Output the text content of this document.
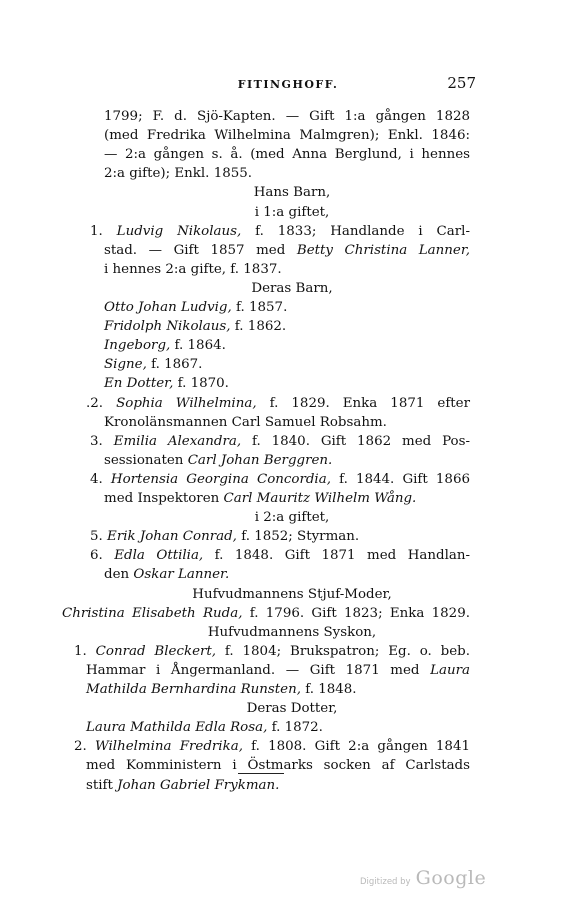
FITINGHOFF.	257
1799; F. d. Sjö-Kapten. — Gift 1:a gången 1828
(med Fredrika Wilhelmina Malmgren); Enkl. 1846:
— 2:a gången s. å. (med Anna Berglund, i hennes
2:a gifte); Enkl. 1855.
Hans Barn,
i 1:a giftet,
1. Ludvig Nikolaus, f. 1833; Handlande i Carl-
stad. — Gift 1857 med Betty Christina Lanner,
i hennes 2:a gifte, f. 1837.
Deras Barn,
Otto Johan Ludvig, f. 1857.
Fridolph Nikolaus, f. 1862.
Ingeborg, f. 1864.
Signe, f. 1867.
En Dotter, f. 1870.
.2. Sophia Wilhelmina, f. 1829. Enka 1871 efter
Kronolänsmannen Carl Samuel Robsahm.
3. Emilia Alexandra, f. 1840. Gift 1862 med Pos-
sessionaten Carl Johan Berggren.
4. Hortensia Georgina Concordia, f. 1844. Gift 1866
med Inspektoren Carl Mauritz Wilhelm Wång.
i 2:a giftet,
5. Erik Johan Conrad, f. 1852; Styrman.
6. Edla Ottilia, f. 1848. Gift 1871 med Handlan-
den Oskar Lanner.
Hufvudmannens Stjuf-Moder,
Christina Elisabeth Ruda, f. 1796. Gift 1823; Enka 1829.
Hufvudmannens Syskon,
1. Conrad Bleckert, f. 1804; Brukspatron; Eg. o. beb.
Hammar i Ångermanland. — Gift 1871 med Laura
Mathilda Bernhardina Runsten, f. 1848.
Deras Dotter,
Laura Mathilda Edla Rosa, f. 1872.
2. Wilhelmina Fredrika, f. 1808. Gift 2:a gången 1841
med Komministern i Östmarks socken af Carlstads
stift Johan Gabriel Frykman.
Digitized by Google
